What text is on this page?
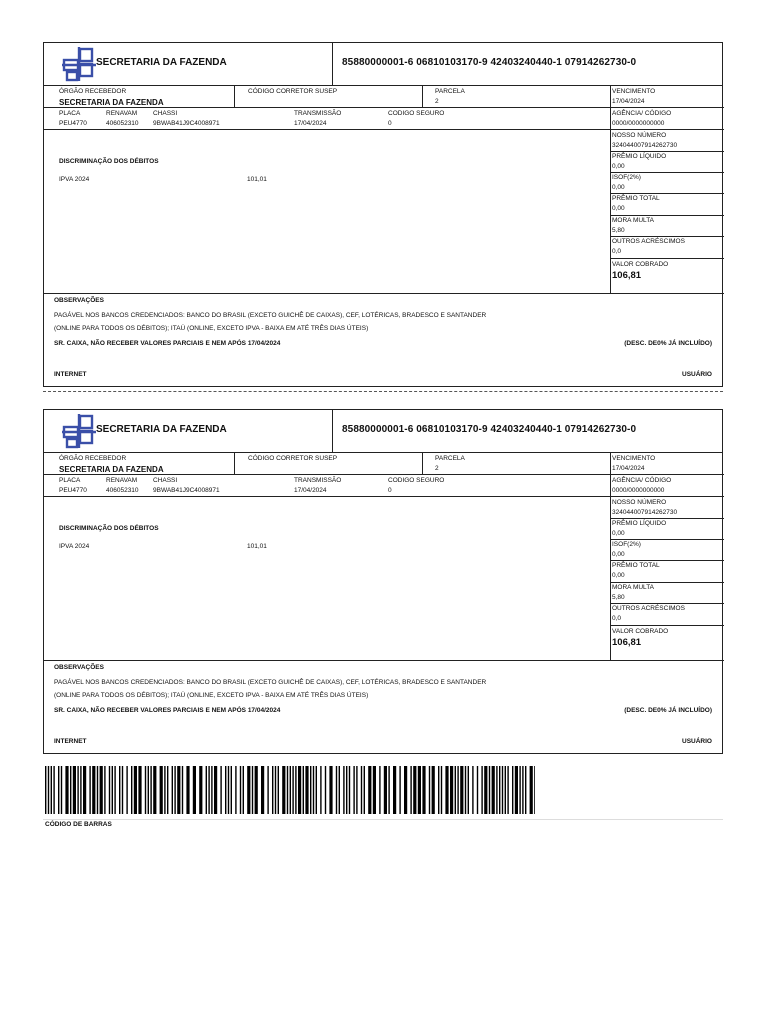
SECRETARIA DA FAZENDA	85880000001-6 06810103170-9 42403240440-1 07914262730-0
ÓRGÃO RECEBEDOR
SECRETARIA DA FAZENDA
CÓDIGO CORRETOR SUSEP	PARCELA
2
PLACA
PEU4770
RENAVAM
406052310
CHASSI
9BWAB41J9C4008971
TRANSMISSÃO
17/04/2024
CODIGO SEGURO
0
DISCRIMINAÇÃO DOS DÉBITOS
IPVA 2024	101,01
VENCIMENTO
17/04/2024
AGÊNCIA/ CÓDIGO
0000/0000000000
NOSSO NÚMERO
324044007914262730
PRÊMIO LÍQUIDO
0,00
ISOF(2%)
0,00
PRÊMIO TOTAL
0,00
MORA MULTA
5,80
OUTROS ACRÉSCIMOS
0,0
VALOR COBRADO
106,81
OBSERVAÇÕES
PAGÁVEL NOS BANCOS CREDENCIADOS: BANCO DO BRASIL (EXCETO GUICHÊ DE CAIXAS), CEF, LOTÉRICAS, BRADESCO E SANTANDER
(ONLINE PARA TODOS OS DÉBITOS); ITAÚ (ONLINE, EXCETO IPVA - BAIXA EM ATÉ TRÊS DIAS ÚTEIS)
SR. CAIXA, NÃO RECEBER VALORES PARCIAIS E NEM APÓS 17/04/2024	(DESC. DE0% JÁ INCLUÍDO)
INTERNET	USUÁRIO
SECRETARIA DA FAZENDA	85880000001-6 06810103170-9 42403240440-1 07914262730-0
ÓRGÃO RECEBEDOR
SECRETARIA DA FAZENDA
CÓDIGO CORRETOR SUSEP	PARCELA
2
PLACA
PEU4770
RENAVAM
406052310
CHASSI
9BWAB41J9C4008971
TRANSMISSÃO
17/04/2024
CODIGO SEGURO
0
DISCRIMINAÇÃO DOS DÉBITOS
IPVA 2024	101,01
VENCIMENTO
17/04/2024
AGÊNCIA/ CÓDIGO
0000/0000000000
NOSSO NÚMERO
324044007914262730
PRÊMIO LÍQUIDO
0,00
ISOF(2%)
0,00
PRÊMIO TOTAL
0,00
MORA MULTA
5,80
OUTROS ACRÉSCIMOS
0,0
VALOR COBRADO
106,81
OBSERVAÇÕES
PAGÁVEL NOS BANCOS CREDENCIADOS: BANCO DO BRASIL (EXCETO GUICHÊ DE CAIXAS), CEF, LOTÉRICAS, BRADESCO E SANTANDER
(ONLINE PARA TODOS OS DÉBITOS); ITAÚ (ONLINE, EXCETO IPVA - BAIXA EM ATÉ TRÊS DIAS ÚTEIS)
SR. CAIXA, NÃO RECEBER VALORES PARCIAIS E NEM APÓS 17/04/2024	(DESC. DE0% JÁ INCLUÍDO)
INTERNET	USUÁRIO
CÓDIGO DE BARRAS
